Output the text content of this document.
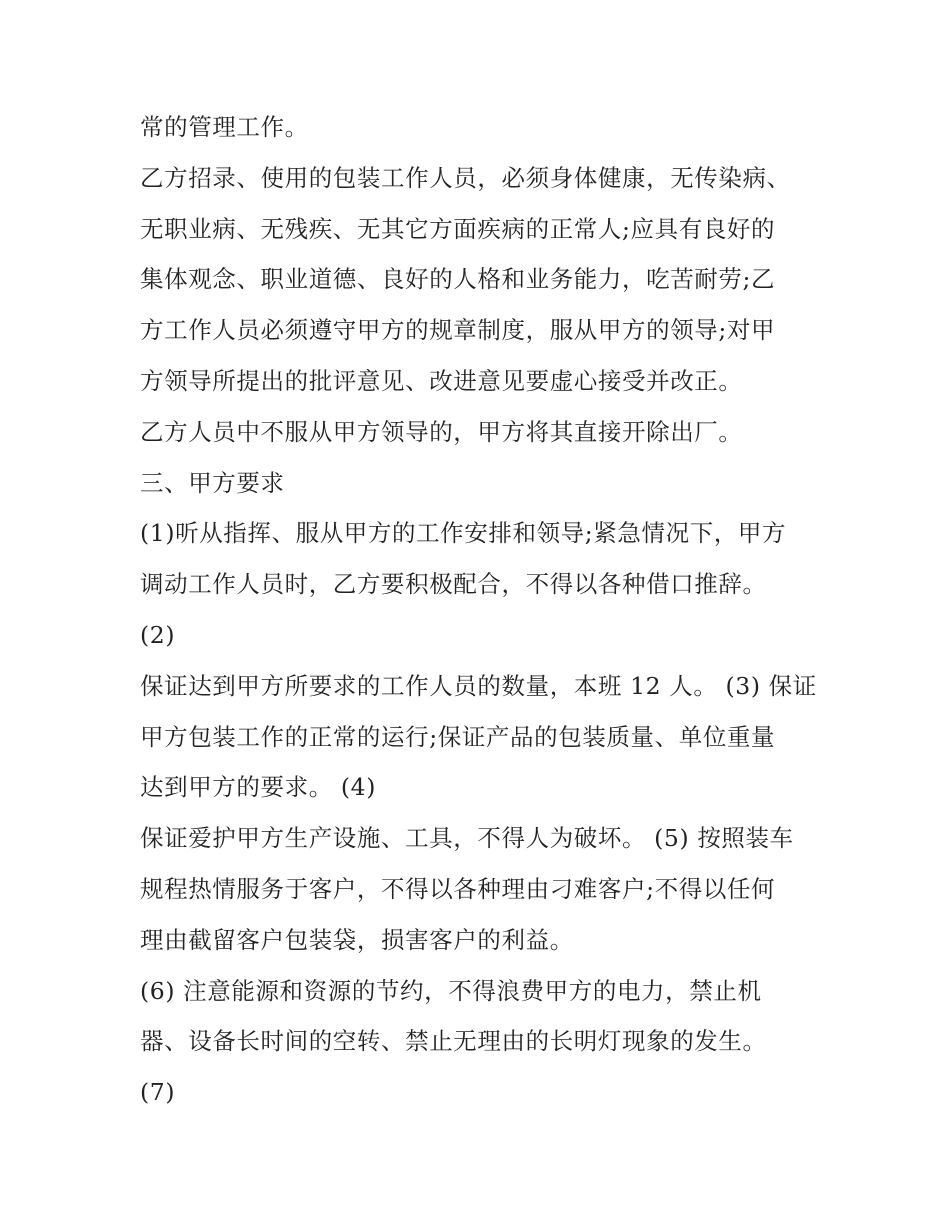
常的管理工作。
乙方招录、使用的包装工作人员，必须身体健康，无传染病、
无职业病、无残疾、无其它方面疾病的正常人;应具有良好的
集体观念、职业道德、良好的人格和业务能力，吃苦耐劳;乙
方工作人员必须遵守甲方的规章制度，服从甲方的领导;对甲
方领导所提出的批评意见、改进意见要虚心接受并改正。
乙方人员中不服从甲方领导的，甲方将其直接开除出厂。
三、甲方要求
(1)听从指挥、服从甲方的工作安排和领导;紧急情况下，甲方
调动工作人员时，乙方要积极配合，不得以各种借口推辞。
(2)
保证达到甲方所要求的工作人员的数量，本班 12 人。 (3) 保证
甲方包装工作的正常的运行;保证产品的包装质量、单位重量
达到甲方的要求。 (4)
保证爱护甲方生产设施、工具，不得人为破坏。 (5) 按照装车
规程热情服务于客户，不得以各种理由刁难客户;不得以任何
理由截留客户包装袋，损害客户的利益。
(6) 注意能源和资源的节约，不得浪费甲方的电力，禁止机
器、设备长时间的空转、禁止无理由的长明灯现象的发生。
(7)
